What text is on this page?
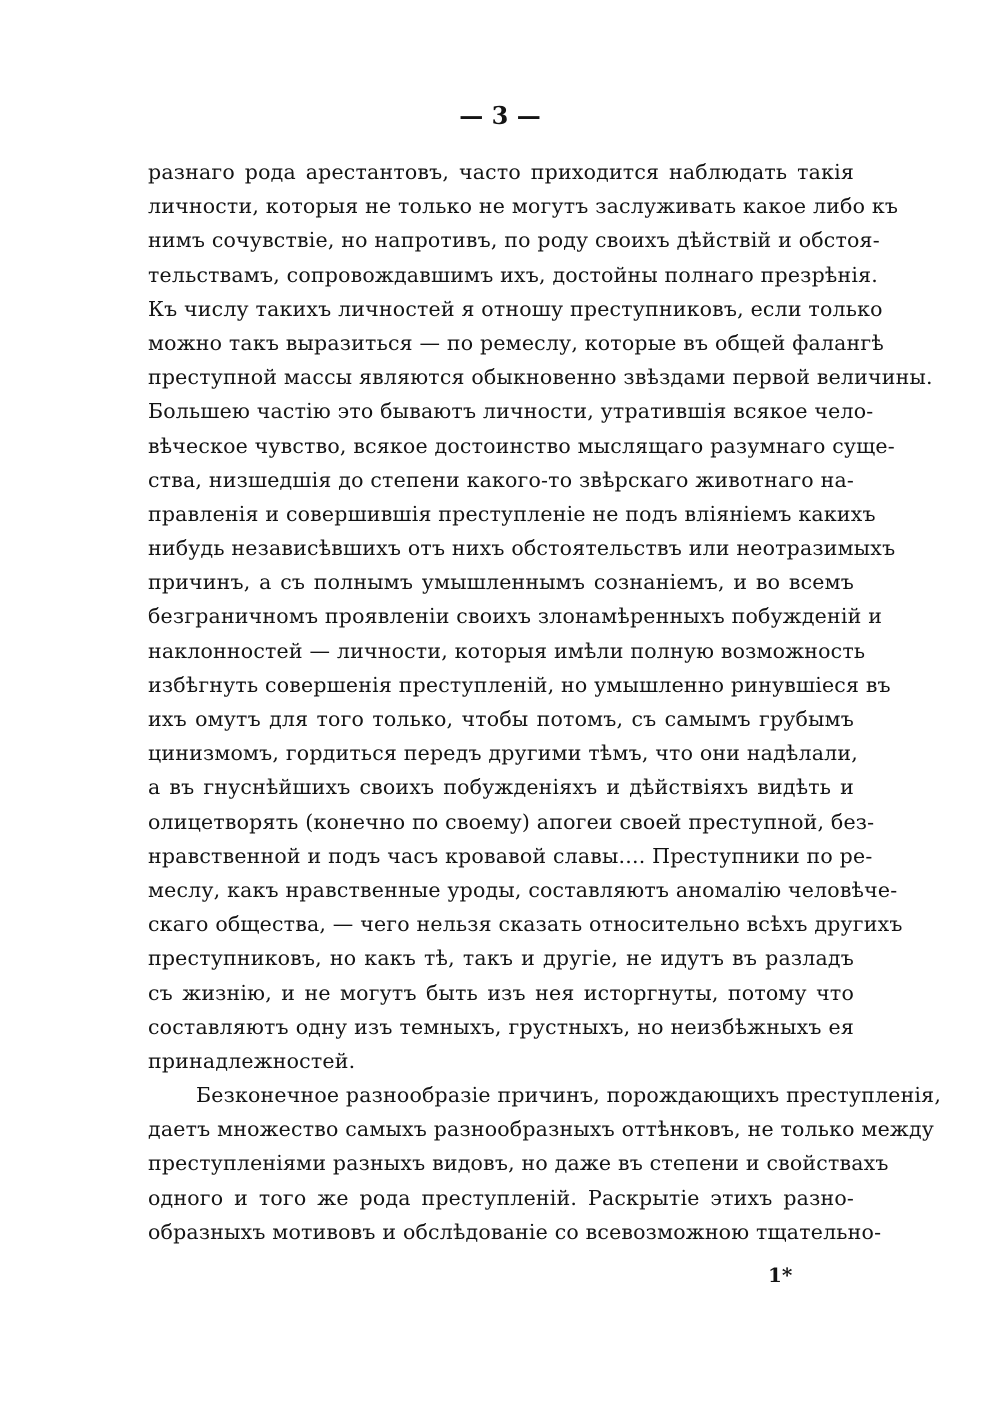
— 3 —
разнаго рода арестантовъ, часто приходится наблюдать такія
личности, которыя не только не могутъ заслуживать какое либо къ
нимъ сочувствіе, но напротивъ, по роду своихъ дѣйствій и обстоя-
тельствамъ, сопровождавшимъ ихъ, достойны полнаго презрѣнія.
Къ числу такихъ личностей я отношу преступниковъ, если только
можно такъ выразиться — по ремеслу, которые въ общей фалангѣ
преступной массы являются обыкновенно звѣздами первой величины.
Большею частію это бываютъ личности, утратившія всякое чело-
вѣческое чувство, всякое достоинство мыслящаго разумнаго суще-
ства, низшедшія до степени какого-то звѣрскаго животнаго на-
правленія и совершившія преступленіе не подъ вліяніемъ какихъ
нибудь независѣвшихъ отъ нихъ обстоятельствъ или неотразимыхъ
причинъ, а съ полнымъ умышленнымъ сознаніемъ, и во всемъ
безграничномъ проявленіи своихъ злонамѣренныхъ побужденій и
наклонностей — личности, которыя имѣли полную возможность
избѣгнуть совершенія преступленій, но умышленно ринувшіеся въ
ихъ омутъ для того только, чтобы потомъ, съ самымъ грубымъ
цинизмомъ, гордиться передъ другими тѣмъ, что они надѣлали,
а въ гнуснѣйшихъ своихъ побужденіяхъ и дѣйствіяхъ видѣть и
олицетворять (конечно по своему) апогеи своей преступной, без-
нравственной и подъ часъ кровавой славы.... Преступники по ре-
меслу, какъ нравственные уроды, составляютъ аномалію человѣче-
скаго общества, — чего нельзя сказать относительно всѣхъ другихъ
преступниковъ, но какъ тѣ, такъ и другіе, не идутъ въ разладъ
съ жизнію, и не могутъ быть изъ нея исторгнуты, потому что
составляютъ одну изъ темныхъ, грустныхъ, но неизбѣжныхъ ея
принадлежностей.
Безконечное разнообразіе причинъ, порождающихъ преступленія,
даетъ множество самыхъ разнообразныхъ оттѣнковъ, не только между
преступленіями разныхъ видовъ, но даже въ степени и свойствахъ
одного и того же рода преступленій. Раскрытіе этихъ разно-
образныхъ мотивовъ и обслѣдованіе со всевозможною тщательно-
1*
